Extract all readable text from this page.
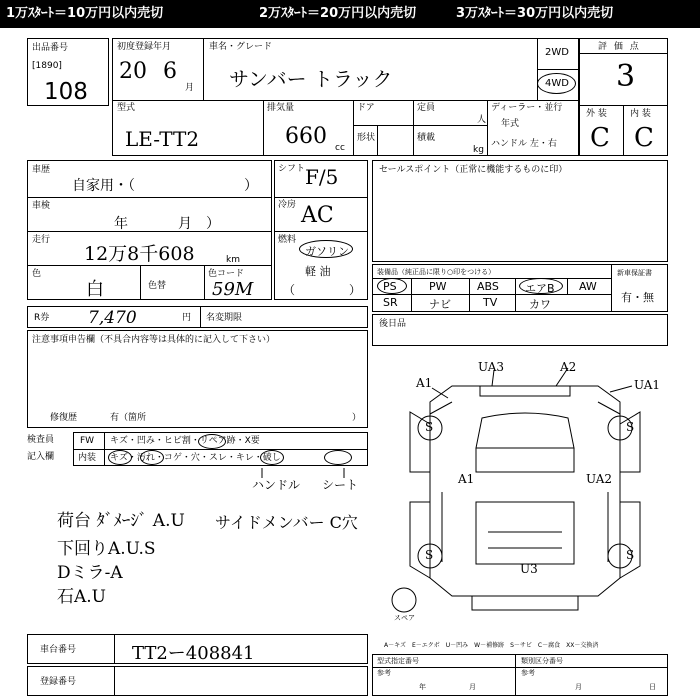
1万ｽﾀｰﾄ＝10万円以内売切	2万ｽﾀｰﾄ＝20万円以内売切	3万ｽﾀｰﾄ＝30万円以内売切
出品番号
[1890]
108
初度登録年月
20 6
月
車名・グレード
サンバー トラック
2WD
4WD
型式
LE-TT2
排気量
660 cc
ドア
形状
定員
人
積載
kg
ディーラー・並行
年式
ハンドル 左・右
評 価 点
3
外 装	内 装
C C
車歴
自家用・（	）
車検
年	月 ）
走行
12万8千608	km
色
白	色替
色コード
59M
シフト F/5
冷房 AC
燃料
ガソリン
軽 油
（	）
セールスポイント（正常に機能するものに印）
装備品（純正品に限り○印をつける）
PS	PW	ABS エアB AW
SR	ナビ	TV	カワ
新車保証書
有・無
R券 7,470	円 名変期限
後日品
注意事項申告欄（不具合内容等は具体的に記入して下さい）
修復歴	有（箇所	）
検査員
記入欄
FW キズ・凹み・ヒビ割・リペア跡・X要
内装 キズ・汚れ・コゲ・穴・スレ・キレ・破し
ハンドル シート
荷台 ﾀﾞﾒｰｼﾞ A.U サイドメンバー C穴
下回りA.U.S
Dミラ-A
石A.U
A1
UA3	A2
UA1
A1	UA2
U3
S	S
S	S
スペア
A－キズ　E－エクボ　U－凹み　W－補修跡　S－サビ　C－腐食　XX－交換済
車台番号	TT2ー408841
登録番号
型式指定番号
参考
類別区分番号
参考
年	月	月	日
